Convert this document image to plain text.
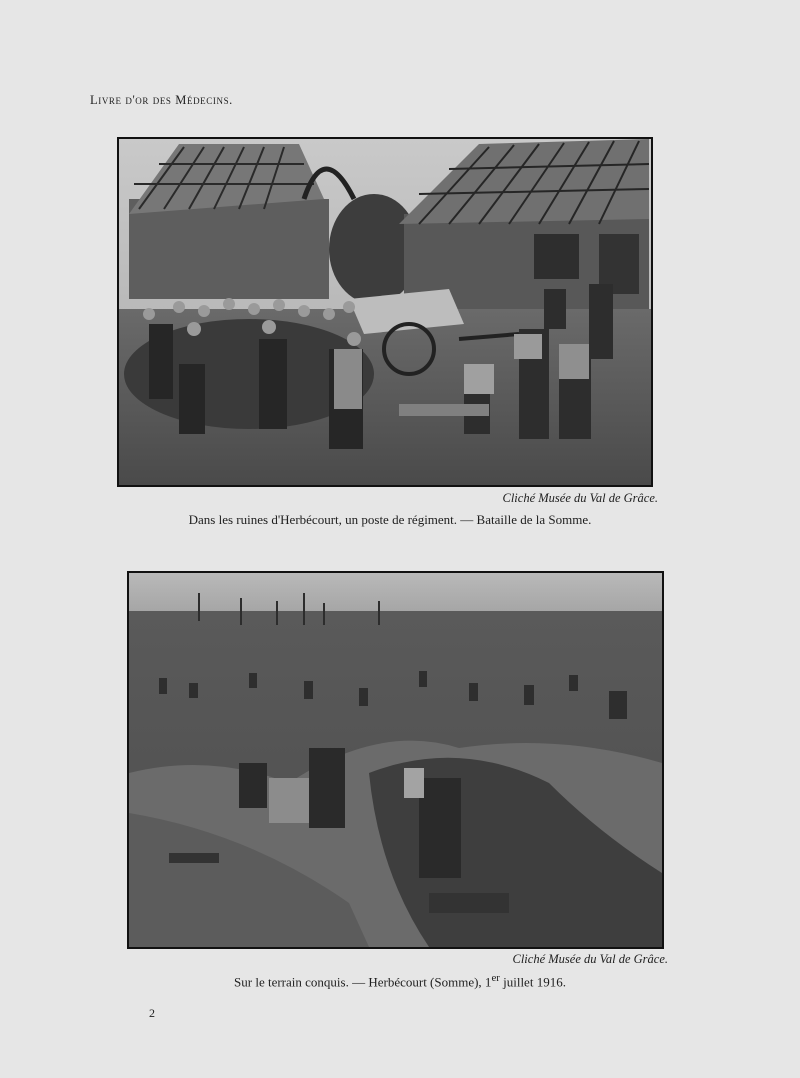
Livre d'or des Médecins.
Cliché Musée du Val de Grâce.
Dans les ruines d'Herbécourt, un poste de régiment. — Bataille de la Somme.
Cliché Musée du Val de Grâce.
Sur le terrain conquis. — Herbécourt (Somme), 1er juillet 1916.
2
